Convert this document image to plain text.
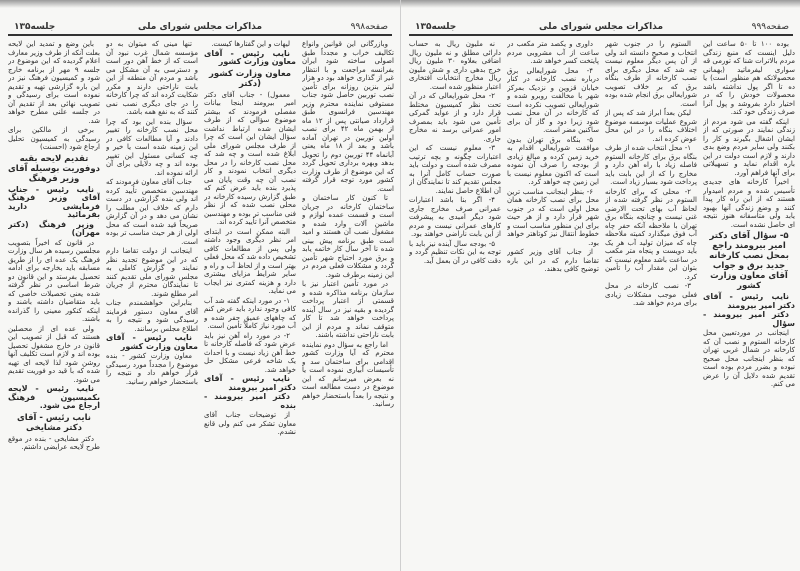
صفحه۹۹۸
مذاکرات مجلس شورای ملی
جلسه۱۳۵

وبازرگانی این قوانین وانواع تکالیف خراب و مجدداً طبق اصولی ساخته شود ایران بفرانسه مراجعت و با انتظار غیر از گذاری خواهد بود دو هزار لیتر بنزین روزانه برای تأمین نصب توربین حاصل شود جناب مستوفی نماینده محترم وزیر مهندسین فرانسوی طبق قرارداد صیانتی پس از ۱۲ ماه از بهمن ماه ۴۲ برای نصب اولین توربین در تهران آماده باشد و بعد از ۱۸ ماه یعنی آبانماه ۴۴ توربین دوم را تحویل بدهد وبهره برداری تحویل گردد که این موضوع از طرف وزارت کشور مورد توجه قرار گرفته است.

تا کنون کار ساختمان و ساختمان کارخانه در جریان است و قسمت عمده لوازم و ماشین آلات وارد شده و مشغول نصب آن هستند و امید است طبق برنامه پیش بینی شده تا آخر سال کار خاتمه یابد و برق مورد احتیاج شهر تأمین گردد و مشکلات فعلی مردم در این زمینه برطرف شود.

در مورد تأمین اعتبار نیز با سازمان برنامه مذاکره شده و قسمتی از اعتبار پرداخت گردیده و بقیه نیز در سال آینده پرداخت خواهد شد تا کار متوقف نماند و مردم از این بابت ناراحتی نداشته باشند.

اما راجع به سؤال دوم نماینده محترم که آیا وزارت کشور اقدامی برای ساختمان سد و تأسیسات آبیاری نموده است یا نه بعرض میرسانم که این موضوع در دست مطالعه است و نتیجه را بعداً باستحضار خواهم رسانید.

لیهات و این گفتارها کیست.

نایب رئیس - آقای معاون وزارت کشور

معاون وزارت کشور (دکتر

معمول) - جناب آقای دکتر امیر بیرومند اینجا بیانات مفصلی فرمودند که بیشتر موضوع سؤالی که از طرف ایشان شده ارتباط نداشت سؤال ایشان این است که چرا از طرف مجلس شورای ملی ابلاغ شده است و چه شد که محل نصب کارخانه را در محل دیگری انتخاب نمودند و کار نصب آن چه وقت پایان می پذیرد بنده باید عرض کنم که طبق گزارش رسیده کارخانه در محلی نصب شده که از نظر فنی مناسب تر بوده و مهندسین متخصص آنرا تأیید کرده اند.

البته ممکن است در ابتدای امر نظر دیگری وجود داشته ولی پس از مطالعات کافی تشخیص داده شد که محل فعلی بهتر است و از لحاظ آب و راه و سایر شرایط مزایای بیشتری دارد و هزینه کمتری نیز ایجاب می نماید.

۱- در مورد اینکه گفته شد آب کافی وجود ندارد باید عرض کنم که چاههای عمیق حفر شده و آب مورد نیاز کاملاً تأمین است.

۲- در مورد راه آهن نیز باید عرض شود که فاصله کارخانه تا خط آهن زیاد نیست و با احداث یک شاخه فرعی مشکل حل خواهد شد.

نایب رئیس - آقای دکتر امیر بیرومند

دکتر امیر بیرومند - بنده

از توضیحات جناب آقای معاون تشکر می کنم ولی قانع نشدم.

تنها مینی که میتوان به دو مؤسسه شمال غرب نبود آن است که از خط آهن دور است و دسترسی به آن مشکل می باشد و مردم آن منطقه از این بابت ناراحتی دارند و مکرر شکایت کرده اند که چرا کارخانه را در جای دیگری نصب نمی کنند که به نفع همه باشد.

سؤال بنده این بود که چرا محل نصب کارخانه را تغییر دادند و آیا مطالعات کافی در این زمینه شده است یا خیر و چه کسانی مسئول این تغییر بوده اند و چه دلایلی برای آن ارائه نموده اند.

جناب آقای معاون فرمودند که مهندسین متخصص تأیید کرده اند ولی بنده گزارشی در دست دارم که خلاف این مطلب را نشان می دهد و در آن گزارش صریحاً قید شده است که محل اولی از هر حیث مناسب تر بوده است.

اینجانب از دولت تقاضا دارم که در این موضوع تجدید نظر نمایند و گزارش کاملی به مجلس شورای ملی تقدیم کنند تا نمایندگان محترم از جریان امر مطلع شوند.

بنابراین خواهشمندم جناب آقای معاون دستور فرمایند رسیدگی شود و نتیجه را به اطلاع مجلس برسانند.

نایب رئیس - آقای معاون وزارت کشور

معاون وزارت کشور - بنده موضوع را مجدداً مورد رسیدگی قرار خواهم داد و نتیجه را باستحضار خواهم رسانید.

باین وضع و تمدید این لایحه بعلت آنکه از طرف وزیر معارف اعلام گردیده که این موضوع در جلسه ۹ مهر از برنامه خارج شود و کمیسیون فرهنگ نیز در این باره گزارشی تهیه و تقدیم نموده است برای رسیدگی و تصویب نهائی بعد از تقدیم آن در جلسه علنی مطرح خواهد شد.

برخی از مالکین برای رسیدگی به کمیسیون تحلیل ارجاع شود (احسنت)

تقدیم لایحه بقیه دوفوریت بوسیله آقای وزیر فرهنگ

نایب رئیس - جناب آقای وزیر فرهنگ فرمایشی دارید بفرمائید

وزیر فرهنگ (دکتر مهران)

در قانون که اخیراً بتصویب مجلسین رسیده هر سال وزارت فرهنگ یک عده ای را از طریق مسابقه باید بخارجه برای ادامه تحصیل بفرستد و این قانون دو شرط اساسی در نظر گرفته شده یعنی تحصیلات خاصی که باید متقاضیان داشته باشند و اینکه کنکور معینی را گذرانده باشند.

ولی عده ای از محصلین هستند که قبل از تصویب این قانون در خارج مشغول تحصیل بوده اند و لازم است تکلیف آنها روشن شود لذا لایحه ای تهیه شده که با قید دو فوریت تقدیم می شود.

نایب رئیس - لایحه بکمیسیون فرهنگ ارجاع می شود.

نایب رئیس - آقای دکتر مشایخی

دکتر مشایخی - بنده در موقع طرح لایحه عرایضی داشتم.

صفحه۹۹۹
مذاکرات مجلس شورای ملی
جلسه۱۳۵

بوده ۱۰۰ تا ۵۰ ساعت این دلیل اینست که منبع زندگی مردم بالاترات شنا که تورمی قه سواری لیفرماتید (بهمانی محصولاتکه هم منظور است) یا ده تا اگر پول نداشته باشد محصولات خودش را که در اختیار دارد بفروشد و پول آنرا صرف زندگی خود کند.

اینکه گفته می شود مردم از زندگی نمایند در صورتی که از ایشان اشغال بگیرند و کار را بکنند ولی سایر مردم وضع بدی دارند و لازم است دولت در این باره اقدام نماید و تسهیلاتی برای آنها فراهم آورد.

اخیراً کارخانه های جدیدی تأسیس شده و مردم امیدوار هستند که از این راه کار پیدا کنند و وضع زندگی آنها بهبود یابد ولی متأسفانه هنوز نتیجه ای حاصل نشده است.

۵- سؤال آقای دکتر امیر بیرومند راجع بمحل نصب کارخانه جدید برق و جواب آقای معاون وزارت کشور

نایب رئیس - آقای دکتر امیر بیرومند

دکتر امیر بیرومند - سؤال

اینجانب در موردتعیین محل کارخانه الستوم و نصب آن که کارخانه در شمال غربی تهران که بنظر اینجانب محل صحیح نبوده و بضرر مردم بوده است تقدیم شده دلایل آن را عرض می کنم.

الستوم را در جنوب شهر انتخاب و صحیح دانسته اند ولی از آن پس دیگر معلوم نیست چه شد که محل دیگری برای نصب کارخانه از طرف بنگاه برق که بر خلاف تصویب شورایعالی برق انجام شده بوده است.

لیکن بعداً ابراز شد که پس از شروع عملیات موسسه موضوع اختلاف بنگاه را در این محل عوض کرده اند.

۱- محل انتخاب شده از طرف بنگاه برق برای کارخانه الستوم فاصله زیاد با راه آهن دارد و مخارج را که از این بابت باید پرداخت شود بسیار زیاد است.

۲- محلی که برای کارخانه الستوم در نظر گرفته شده از لحاظ آب بهای تحت الارضی غنی نیست و چنانچه بنگاه برق تهران با ملاحظه آنکه حفر چاه آب فوق میگذارد کمیته ملاحظه چاه که میزان تولید آب هر یک باید دویست و پنجاه متر مکعب در ساعت باشد معلوم نیست که بتوان این مقدار آب را تأمین کرد.

۳- نصب کارخانه در محل فعلی موجب مشکلات زیادی برای مردم خواهد شد.

داوری و یکصد متر مکعب در ساعت از آب مشروبی مردم پایتخت کسر خواهد شد.

۴- محل شورایعالی برق درباره نصب کارخانه در کنار خیابان قزوین و نزدیک بمرکز شهر با مخالفت روبرو شده و شورایعالی تصویب نکرده است که کارخانه در آن محل نصب شود زیرا دود و گاز آن برای ساکنین مضر است.

۵- بنگاه برق تهران بدون موافقت شورایعالی اقدام به خرید زمین کرده و مبالغ زیادی از بودجه را صرف آن نموده است که اکنون معلوم نیست با این زمین چه خواهد کرد.

۶- بنظر اینجانب مناسب ترین محل برای نصب کارخانه همان محل اولی است که در جنوب شهر قرار دارد و از هر حیث برای این منظور مناسب است و خطوط انتقال نیز کوتاهتر خواهد بود.

از جناب آقای وزیر کشور تقاضا دارم که در این باره توضیح کافی بدهند.

نه ملیون ریال به حساب دارائی مطلق و نه ملیون ریال اضافی بعلاوه ۳۰ ملیون ریال خرج بدهی داری و شش ملیون ریال مخارج انتخابات افتخاری اعتبار منظور شده است.

۲- محل شورایعالی که در آن تحت نظر کمیسیون مختلط قرار دارد و از عواید گمرکی تأمین می شود باید بمصرف امور عمرانی برسد نه مخارج جاری.

۳- معلوم نیست که این اعتبارات چگونه و بچه ترتیب مصرف شده است و دولت باید صورت حساب کامل آنرا به مجلس تقدیم کند تا نمایندگان از آن اطلاع حاصل نمایند.

۴- اگر بنا باشد اعتبارات عمرانی صرف مخارج جاری شود دیگر امیدی به پیشرفت کارهای عمرانی نیست و مردم از این بابت ناراضی خواهند بود.

۵- بودجه سال آینده نیز باید با توجه به این نکات تنظیم گردد و دقت کافی در آن بعمل آید.
